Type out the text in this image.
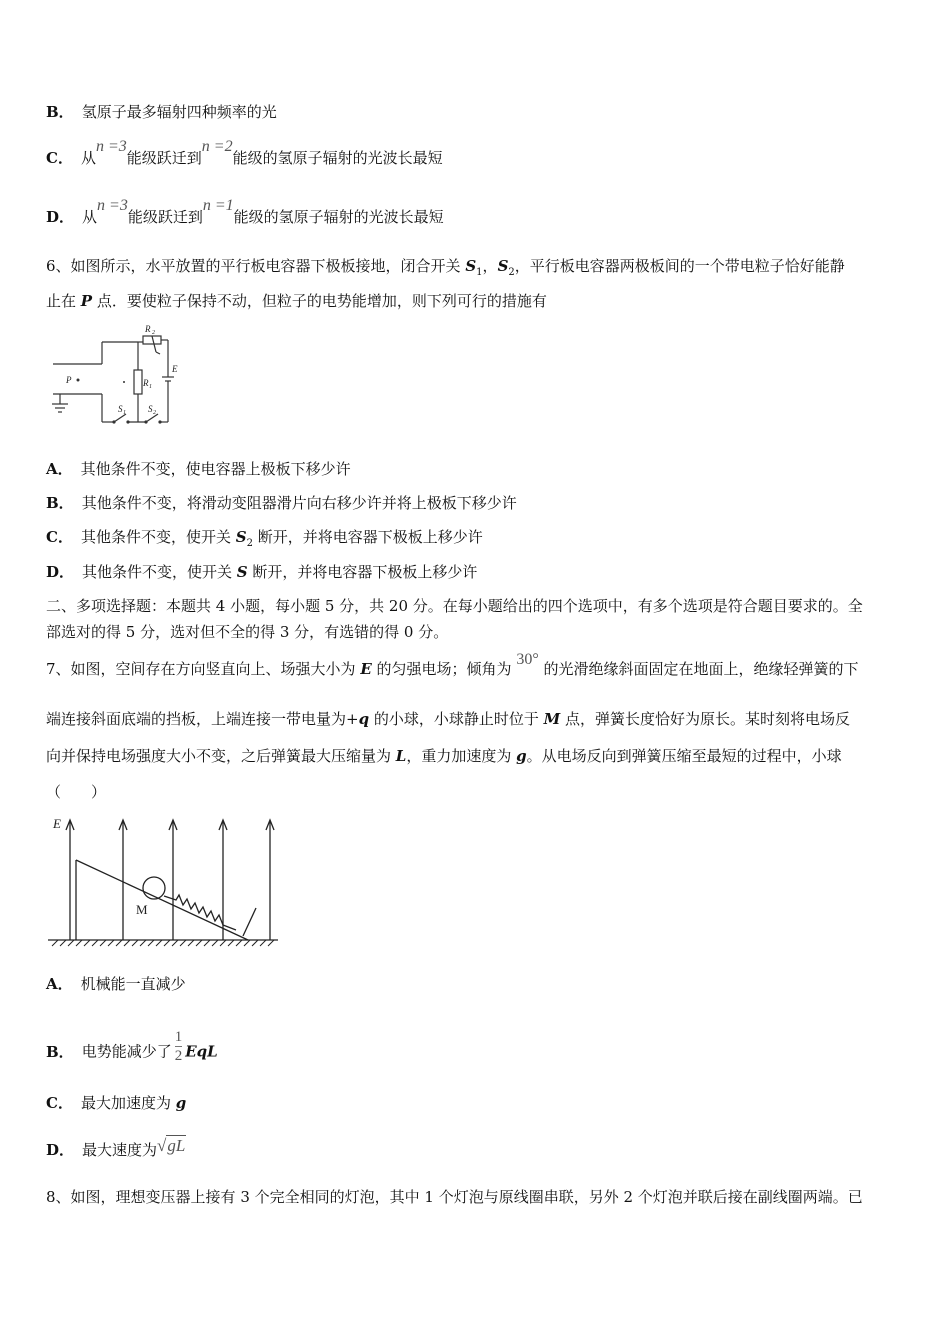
B． 氢原子最多辐射四种频率的光
C． 从n =3能级跃迁到n =2能级的氢原子辐射的光波长最短
D． 从n =3能级跃迁到n =1能级的氢原子辐射的光波长最短
6、如图所示，水平放置的平行板电容器下极板接地，闭合开关 $S_1$，$S_2$，平行板电容器两极板间的一个带电粒子恰好能静
止在 P 点．要使粒子保持不动，但粒子的电势能增加，则下列可行的措施有
P
R 2
R 1
E
S 1 S 2
A． 其他条件不变，使电容器上极板下移少许
B． 其他条件不变，将滑动变阻器滑片向右移少许并将上极板下移少许
C． 其他条件不变，使开关 $S_2$ 断开，并将电容器下极板上移少许
D． 其他条件不变，使开关 S 断开，并将电容器下极板上移少许
二、多项选择题：本题共 4 小题，每小题 5 分，共 20 分。在每小题给出的四个选项中，有多个选项是符合题目要求的。全
部选对的得 5 分，选对但不全的得 3 分，有选错的得 0 分。
7、如图，空间存在方向竖直向上、场强大小为 E 的匀强电场；倾角为 30° 的光滑绝缘斜面固定在地面上，绝缘轻弹簧的下
端连接斜面底端的挡板，上端连接一带电量为+q 的小球，小球静止时位于 M 点，弹簧长度恰好为原长。某时刻将电场反
向并保持电场强度大小不变，之后弹簧最大压缩量为 L，重力加速度为 g。从电场反向到弹簧压缩至最短的过程中，小球
（　　）
E
M
A． 机械能一直减少
B． 电势能减少了 $\frac{1}{2}$ EqL
C． 最大加速度为 g
D． 最大速度为√gL
8、如图，理想变压器上接有 3 个完全相同的灯泡，其中 1 个灯泡与原线圈串联，另外 2 个灯泡并联后接在副线圈两端。已
